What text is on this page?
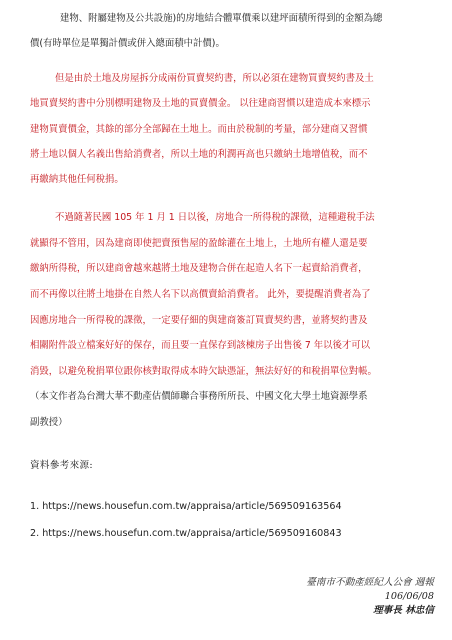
建物、附屬建物及公共設施)的房地結合體單價乘以建坪面積所得到的金額為總
價(有時單位是單獨計價或併入總面積中計價)。
但是由於土地及房屋拆分成兩份買賣契約書，所以必須在建物買賣契約書及土
地買賣契約書中分別標明建物及土地的買賣價金。 以往建商習慣以建造成本來標示
建物買賣價金，其餘的部分全部歸在土地上。而由於稅制的考量，部分建商又習慣
將土地以個人名義出售給消費者，所以土地的利潤再高也只繳納土地增值稅，而不
再繳納其他任何稅捐。
不過隨著民國 105 年 1 月 1 日以後，房地合一所得稅的課徵，這種避稅手法
就顯得不管用，因為建商即使把賣預售屋的盈餘灌在土地上，土地所有權人還是要
繳納所得稅，所以建商會越來越將土地及建物合併在起造人名下一起賣給消費者，
而不再像以往將土地掛在自然人名下以高價賣給消費者。 此外，要提醒消費者為了
因應房地合一所得稅的課徵，一定要仔細的與建商簽訂買賣契約書，並將契約書及
相關附件設立檔案好好的保存，而且要一直保存到該棟房子出售後 7 年以後才可以
消毀，以避免稅捐單位跟你核對取得成本時欠缺憑証，無法好好的和稅捐單位對帳。
（本文作者為台灣大華不動產估價師聯合事務所所長、中國文化大學土地資源學系
副教授）
資料參考來源:
1. https://news.housefun.com.tw/appraisa/article/569509163564
2. https://news.housefun.com.tw/appraisa/article/569509160843
臺南市不動產經紀人公會 週報
106/06/08
理事長 林忠信
